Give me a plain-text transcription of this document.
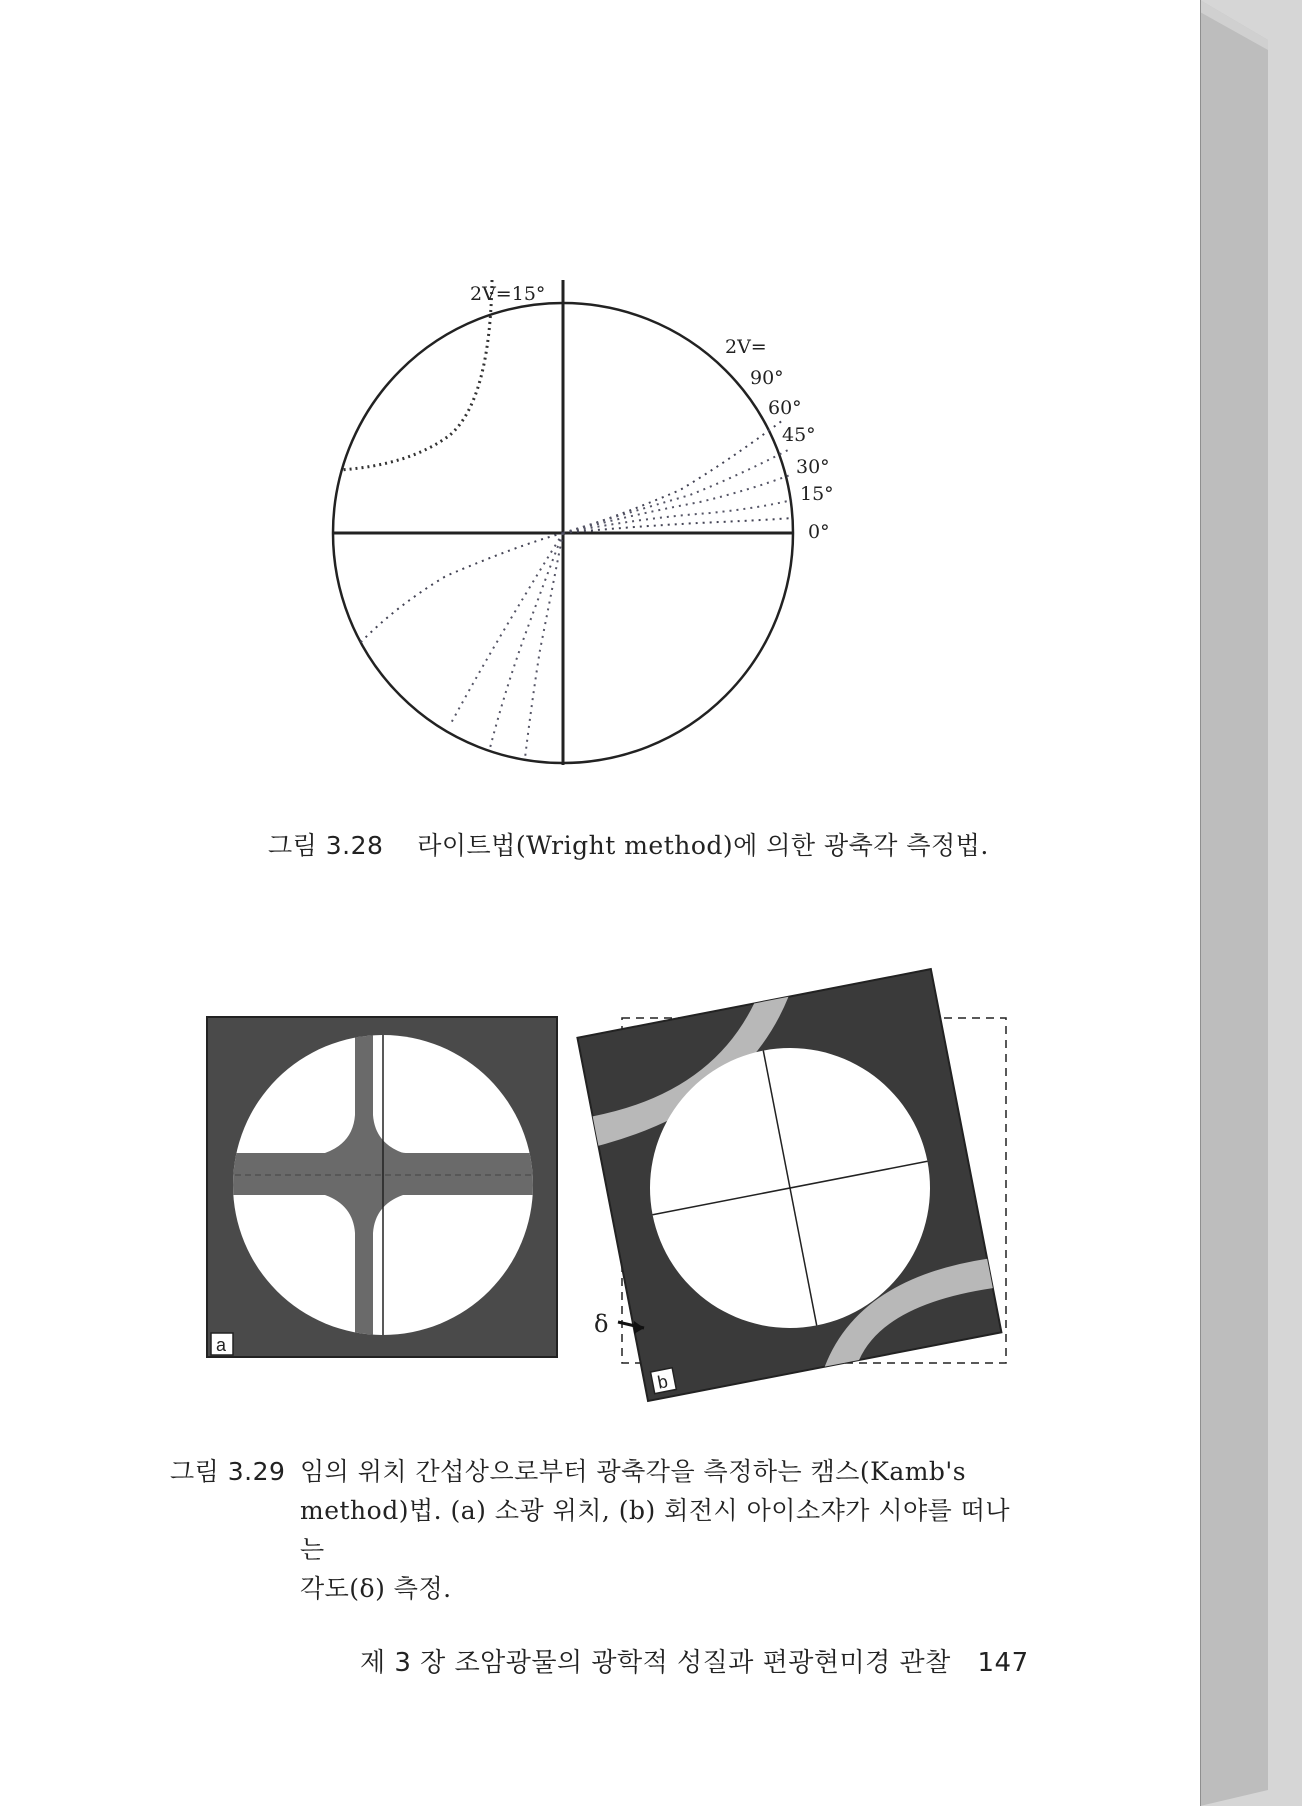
2V=15°
2V=
90°
60°
45°
30°
15°
0°
그림 3.28 라이트법(Wright method)에 의한 광축각 측정법.
a
b
δ
그림 3.29 임의 위치 간섭상으로부터 광축각을 측정하는 캠스(Kamb's
method)법. (a) 소광 위치, (b) 회전시 아이소쟈가 시야를 떠나는
각도(δ) 측정.
제 3 장 조암광물의 광학적 성질과 편광현미경 관찰 147
